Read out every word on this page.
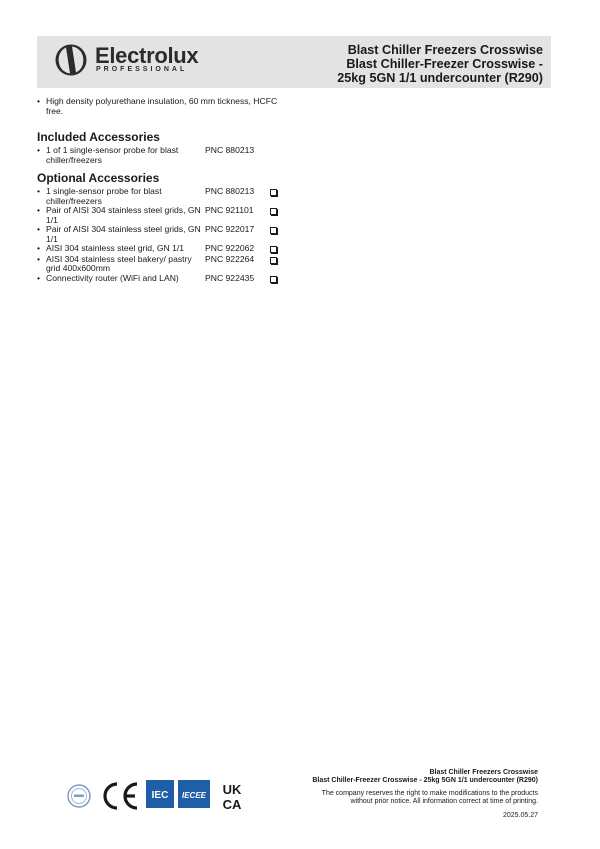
Electrolux
PROFESSIONAL
Blast Chiller Freezers Crosswise
Blast Chiller-Freezer Crosswise -
25kg 5GN 1/1 undercounter (R290)
• High density polyurethane insulation, 60 mm tickness, HCFC free.
Included Accessories
• 1 of 1 single-sensor probe for blast chiller/freezers
PNC 880213
Optional Accessories
• 1 single-sensor probe for blast chiller/freezers
PNC 880213
• Pair of AISI 304 stainless steel grids, GN 1/1
PNC 921101
• Pair of AISI 304 stainless steel grids, GN 1/1
PNC 922017
• AISI 304 stainless steel grid, GN 1/1	PNC 922062
• AISI 304 stainless steel bakery/ pastry grid 400x600mm
PNC 922264
• Connectivity router (WiFi and LAN)	PNC 922435
IEC IECEE UK
CA
Blast Chiller Freezers Crosswise
Blast Chiller-Freezer Crosswise - 25kg 5GN 1/1 undercounter (R290)
The company reserves the right to make modifications to the products
without prior notice. All information correct at time of printing.
2025.05.27
